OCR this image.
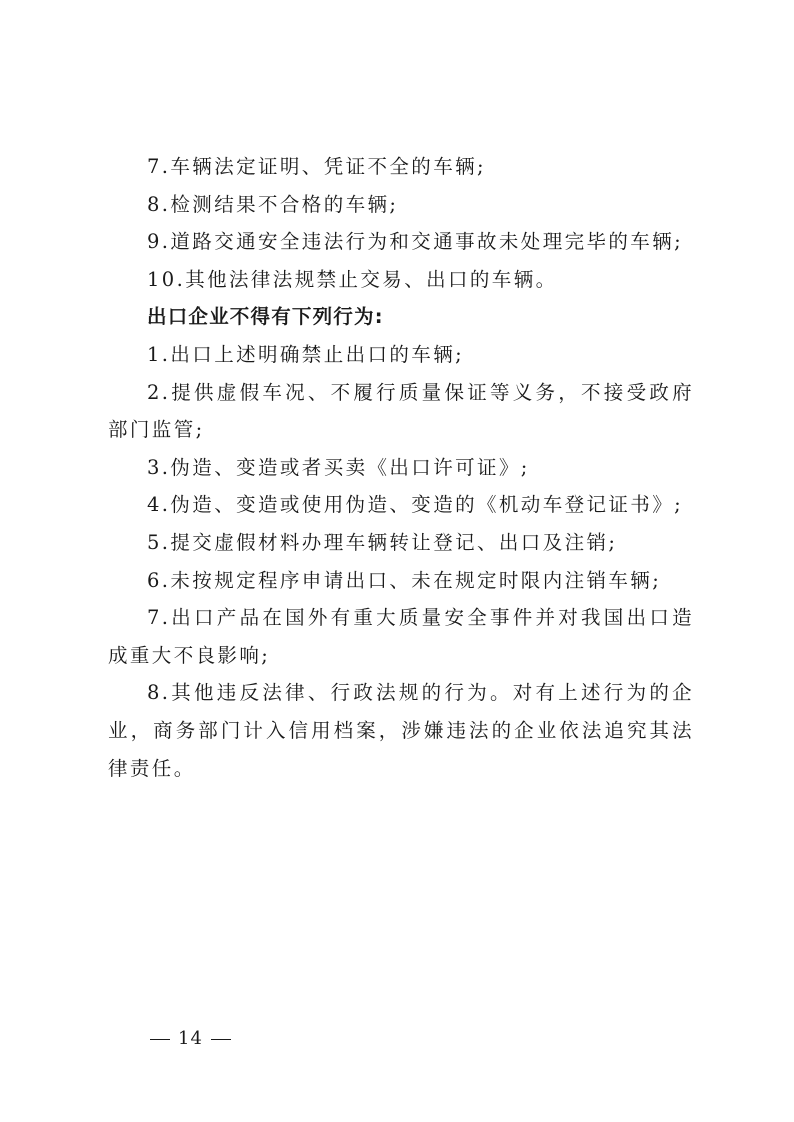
7.车辆法定证明、凭证不全的车辆;

8.检测结果不合格的车辆;

9.道路交通安全违法行为和交通事故未处理完毕的车辆;

10.其他法律法规禁止交易、出口的车辆。

出口企业不得有下列行为:

1.出口上述明确禁止出口的车辆;

2.提供虚假车况、不履行质量保证等义务，不接受政府部门监管;

3.伪造、变造或者买卖《出口许可证》;

4.伪造、变造或使用伪造、变造的《机动车登记证书》;

5.提交虚假材料办理车辆转让登记、出口及注销;

6.未按规定程序申请出口、未在规定时限内注销车辆;

7.出口产品在国外有重大质量安全事件并对我国出口造成重大不良影响;

8.其他违反法律、行政法规的行为。对有上述行为的企业，商务部门计入信用档案，涉嫌违法的企业依法追究其法律责任。

14
